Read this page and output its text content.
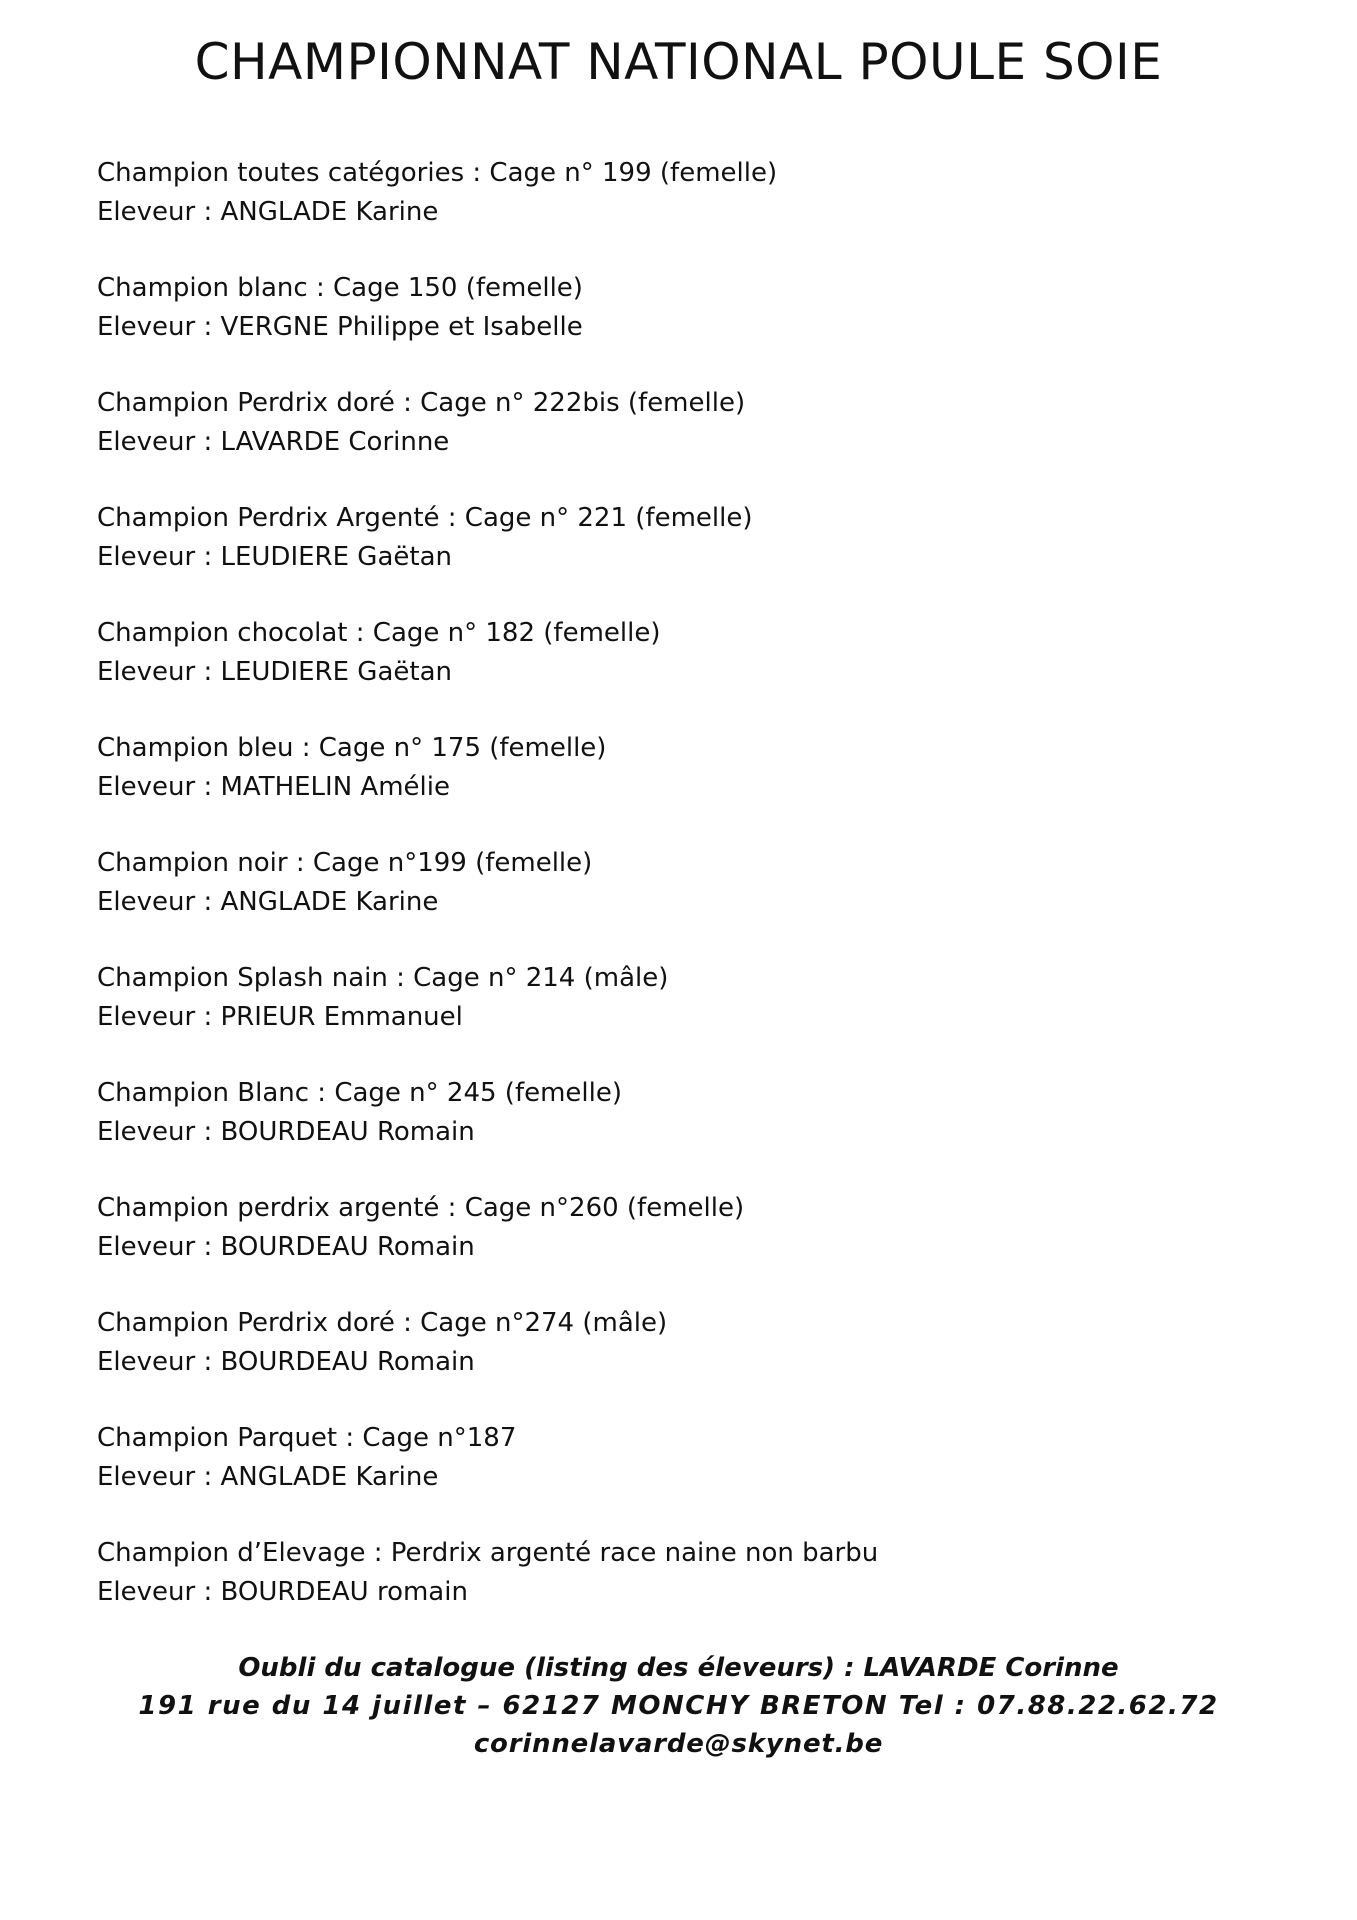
CHAMPIONNAT NATIONAL POULE SOIE
Champion toutes catégories : Cage n° 199 (femelle)
Eleveur : ANGLADE Karine
Champion blanc : Cage 150 (femelle)
Eleveur : VERGNE Philippe et Isabelle
Champion Perdrix doré : Cage n° 222bis (femelle)
Eleveur : LAVARDE Corinne
Champion Perdrix Argenté : Cage n° 221 (femelle)
Eleveur : LEUDIERE Gaëtan
Champion chocolat : Cage n° 182 (femelle)
Eleveur : LEUDIERE Gaëtan
Champion bleu : Cage n° 175 (femelle)
Eleveur : MATHELIN Amélie
Champion noir : Cage n°199 (femelle)
Eleveur : ANGLADE Karine
Champion Splash nain : Cage n° 214 (mâle)
Eleveur : PRIEUR Emmanuel
Champion Blanc : Cage n° 245 (femelle)
Eleveur : BOURDEAU Romain
Champion perdrix argenté : Cage n°260 (femelle)
Eleveur : BOURDEAU Romain
Champion Perdrix doré : Cage n°274 (mâle)
Eleveur : BOURDEAU Romain
Champion Parquet : Cage n°187
Eleveur : ANGLADE Karine
Champion d’Elevage : Perdrix argenté race naine non barbu
Eleveur : BOURDEAU romain
Oubli du catalogue (listing des éleveurs) : LAVARDE Corinne
191 rue du 14 juillet – 62127 MONCHY BRETON Tel : 07.88.22.62.72
corinnelavarde@skynet.be
